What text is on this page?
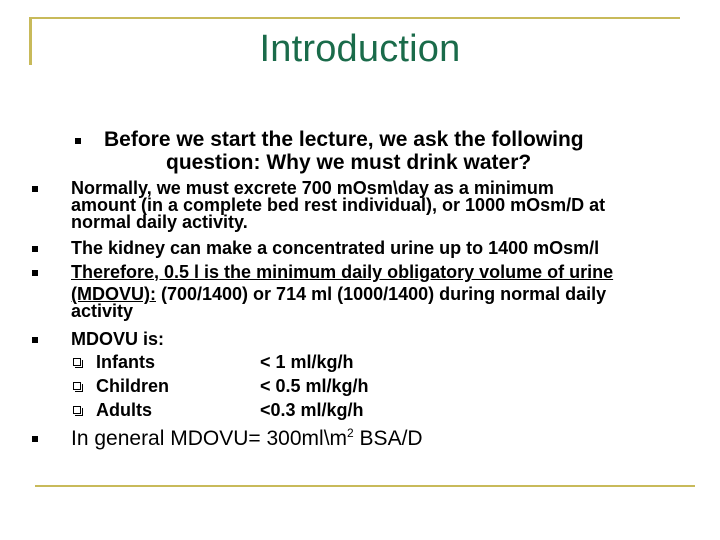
Introduction
Before we start the lecture, we ask the following
question: Why we must drink water?
Normally, we must excrete 700 mOsm\day as a minimum
amount (in a complete bed rest individual), or 1000 mOsm/D at
normal daily activity.
The kidney can make a concentrated urine up to 1400 mOsm/l
Therefore, 0.5 l is the minimum daily obligatory volume of urine
(MDOVU): (700/1400) or 714 ml (1000/1400) during normal daily
activity
MDOVU is:
Infants	< 1 ml/kg/h
Children	< 0.5 ml/kg/h
Adults	<0.3 ml/kg/h
In general MDOVU= $300ml\backslash m^2$ BSA/D
